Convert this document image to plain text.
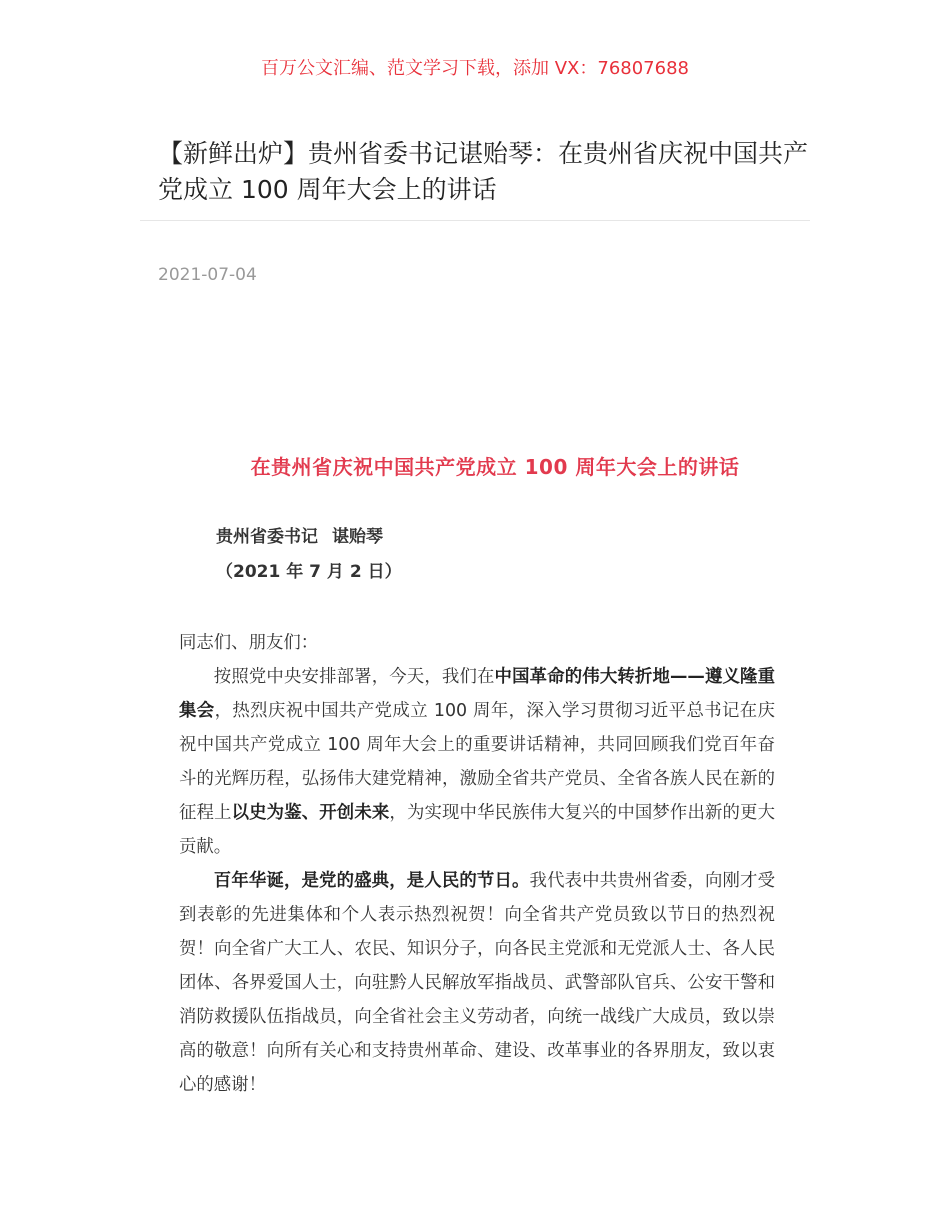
百万公文汇编、范文学习下载，添加 VX：76807688
【新鲜出炉】贵州省委书记谌贻琴：在贵州省庆祝中国共产党成立 100 周年大会上的讲话
2021-07-04
在贵州省庆祝中国共产党成立 100 周年大会上的讲话
贵州省委书记 谌贻琴
（2021 年 7 月 2 日）

同志们、朋友们：

按照党中央安排部署，今天，我们在中国革命的伟大转折地——遵义隆重集会，热烈庆祝中国共产党成立 100 周年，深入学习贯彻习近平总书记在庆祝中国共产党成立 100 周年大会上的重要讲话精神，共同回顾我们党百年奋斗的光辉历程，弘扬伟大建党精神，激励全省共产党员、全省各族人民在新的征程上以史为鉴、开创未来，为实现中华民族伟大复兴的中国梦作出新的更大贡献。

百年华诞，是党的盛典，是人民的节日。我代表中共贵州省委，向刚才受到表彰的先进集体和个人表示热烈祝贺！向全省共产党员致以节日的热烈祝贺！向全省广大工人、农民、知识分子，向各民主党派和无党派人士、各人民团体、各界爱国人士，向驻黔人民解放军指战员、武警部队官兵、公安干警和消防救援队伍指战员，向全省社会主义劳动者，向统一战线广大成员，致以崇高的敬意！向所有关心和支持贵州革命、建设、改革事业的各界朋友，致以衷心的感谢！
